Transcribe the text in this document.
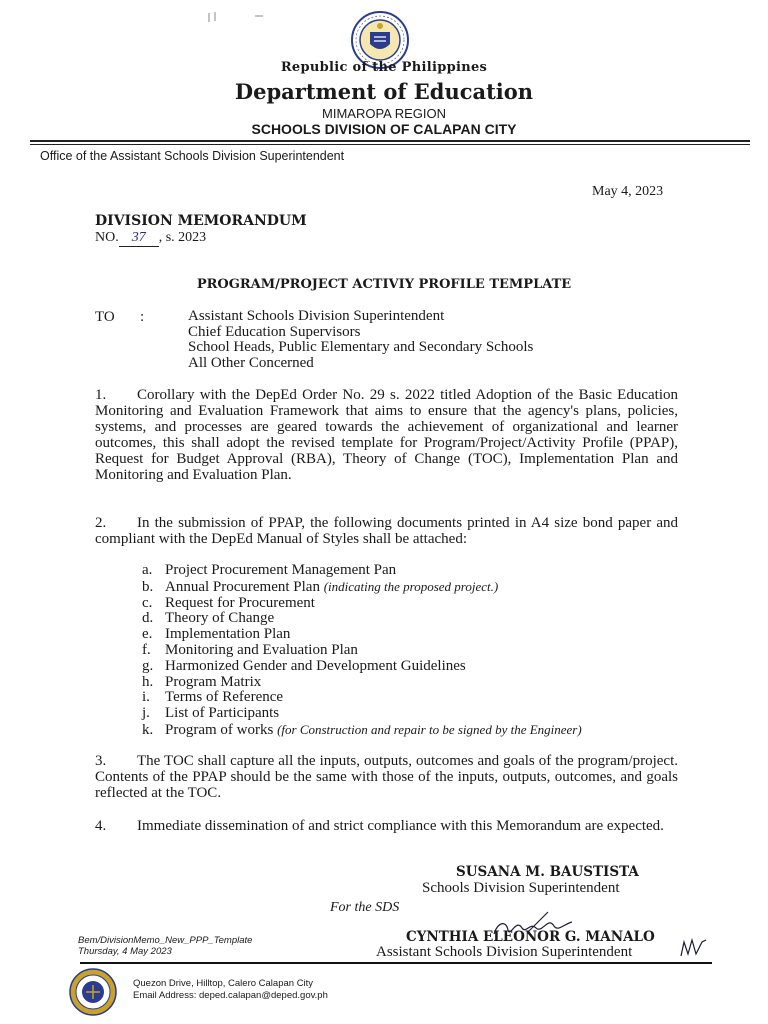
Republic of the Philippines
Department of Education
MIMAROPA REGION
SCHOOLS DIVISION OF CALAPAN CITY
Office of the Assistant Schools Division Superintendent
May 4, 2023
DIVISION MEMORANDUM
NO. 37 , s. 2023
PROGRAM/PROJECT ACTIVIY PROFILE TEMPLATE
TO :	Assistant Schools Division Superintendent
Chief Education Supervisors
School Heads, Public Elementary and Secondary Schools
All Other Concerned
1. Corollary with the DepEd Order No. 29 s. 2022 titled Adoption of the Basic Education Monitoring and Evaluation Framework that aims to ensure that the agency's plans, policies, systems, and processes are geared towards the achievement of organizational and learner outcomes, this shall adopt the revised template for Program/Project/Activity Profile (PPAP), Request for Budget Approval (RBA), Theory of Change (TOC), Implementation Plan and Monitoring and Evaluation Plan.
2. In the submission of PPAP, the following documents printed in A4 size bond paper and compliant with the DepEd Manual of Styles shall be attached:
a. Project Procurement Management Pan
b. Annual Procurement Plan (indicating the proposed project.)
c. Request for Procurement
d. Theory of Change
e. Implementation Plan
f. Monitoring and Evaluation Plan
g. Harmonized Gender and Development Guidelines
h. Program Matrix
i. Terms of Reference
j. List of Participants
k. Program of works (for Construction and repair to be signed by the Engineer)
3. The TOC shall capture all the inputs, outputs, outcomes and goals of the program/project. Contents of the PPAP should be the same with those of the inputs, outputs, outcomes, and goals reflected at the TOC.
4. Immediate dissemination of and strict compliance with this Memorandum are expected.
SUSANA M. BAUSTISTA
Schools Division Superintendent
For the SDS
CYNTHIA ELEONOR G. MANALO
Assistant Schools Division Superintendent
Bem/DivisionMemo_New_PPP_Template
Thursday, 4 May 2023
Quezon Drive, Hilltop, Calero Calapan City
Email Address: deped.calapan@deped.gov.ph
